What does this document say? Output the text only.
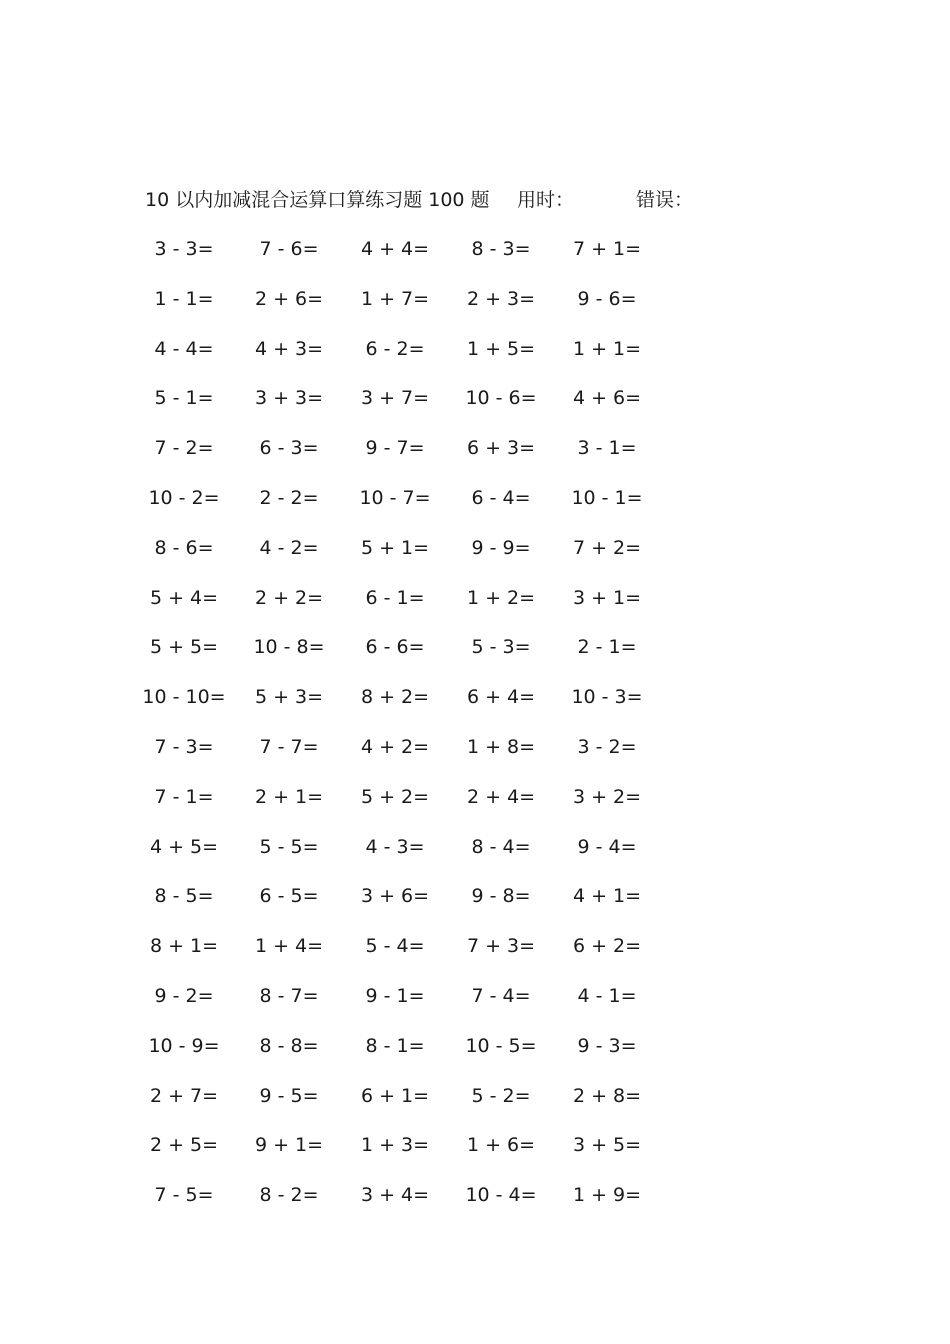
10 以内加减混合运算口算练习题 100 题 用时：	错误：
3 - 3= 7 - 6= 4 + 4= 8 - 3= 7 + 1=
1 - 1= 2 + 6= 1 + 7= 2 + 3= 9 - 6=
4 - 4= 4 + 3= 6 - 2= 1 + 5= 1 + 1=
5 - 1= 3 + 3= 3 + 7= 10 - 6= 4 + 6=
7 - 2= 6 - 3= 9 - 7= 6 + 3= 3 - 1=
10 - 2= 2 - 2= 10 - 7= 6 - 4= 10 - 1=
8 - 6= 4 - 2= 5 + 1= 9 - 9= 7 + 2=
5 + 4= 2 + 2= 6 - 1= 1 + 2= 3 + 1=
5 + 5= 10 - 8= 6 - 6= 5 - 3= 2 - 1=
10 - 10= 5 + 3= 8 + 2= 6 + 4= 10 - 3=
7 - 3= 7 - 7= 4 + 2= 1 + 8= 3 - 2=
7 - 1= 2 + 1= 5 + 2= 2 + 4= 3 + 2=
4 + 5= 5 - 5= 4 - 3= 8 - 4= 9 - 4=
8 - 5= 6 - 5= 3 + 6= 9 - 8= 4 + 1=
8 + 1= 1 + 4= 5 - 4= 7 + 3= 6 + 2=
9 - 2= 8 - 7= 9 - 1= 7 - 4= 4 - 1=
10 - 9= 8 - 8= 8 - 1= 10 - 5= 9 - 3=
2 + 7= 9 - 5= 6 + 1= 5 - 2= 2 + 8=
2 + 5= 9 + 1= 1 + 3= 1 + 6= 3 + 5=
7 - 5= 8 - 2= 3 + 4= 10 - 4= 1 + 9=
